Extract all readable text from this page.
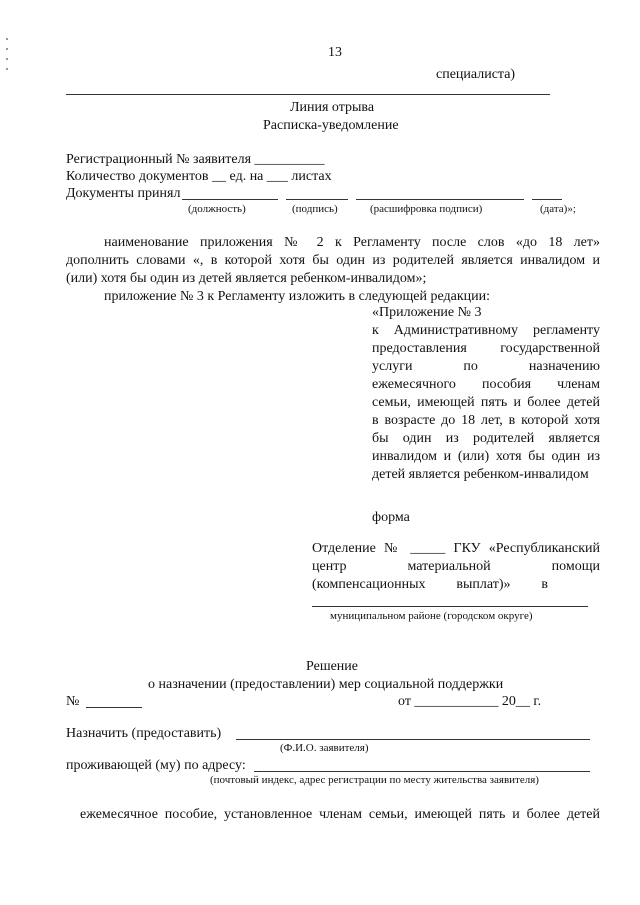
13
специалиста)
Линия отрыва
Расписка-уведомление
Регистрационный № заявителя __________
Количество документов __ ед. на ___ листах
Документы принял
(должность)	(подпись)	(расшифровка подписи)	(дата)»;
наименование приложения № 2 к Регламенту после слов «до 18 лет»
дополнить словами «, в которой хотя бы один из родителей является инвалидом и
(или) хотя бы один из детей является ребенком-инвалидом»;
приложение № 3 к Регламенту изложить в следующей редакции:
«Приложение № 3
к Административному регламенту
предоставления государственной
услуги по назначению
ежемесячного пособия членам
семьи, имеющей пять и более детей
в возрасте до 18 лет, в которой хотя
бы один из родителей является
инвалидом и (или) хотя бы один из
детей является ребенком-инвалидом
форма
Отделение № _____ ГКУ «Республиканский
центр материальной помощи
(компенсационных выплат)» в
муниципальном районе (городском округе)
Решение
о назначении (предоставлении) мер социальной поддержки
№	от ____________ 20__ г.
Назначить (предоставить)
(Ф.И.О. заявителя)
проживающей (му) по адресу:
(почтовый индекс, адрес регистрации по месту жительства заявителя)
ежемесячное пособие, установленное членам семьи, имеющей пять и более детей
